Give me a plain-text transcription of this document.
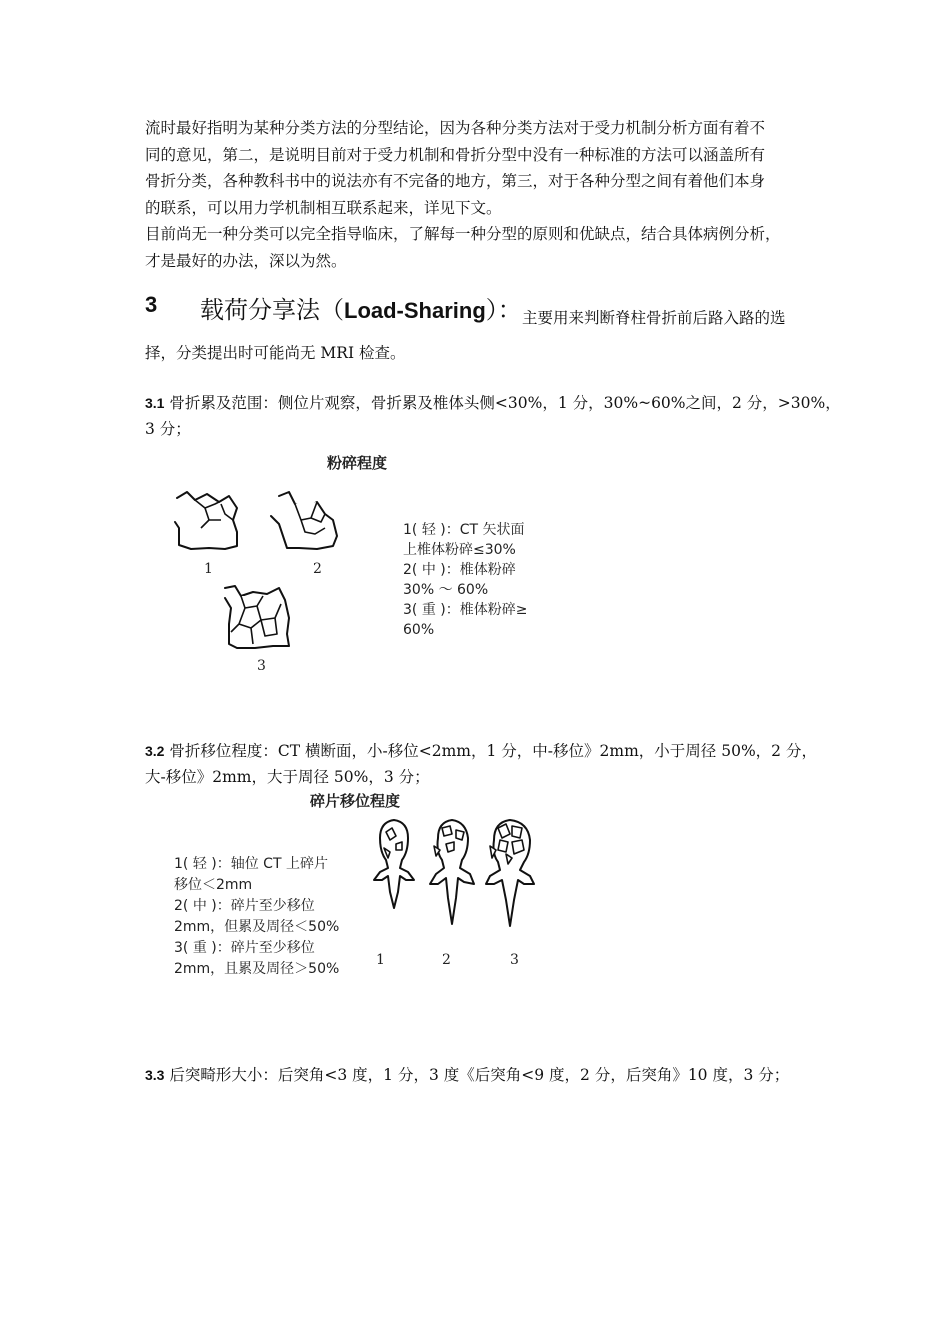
流时最好指明为某种分类方法的分型结论，因为各种分类方法对于受力机制分析方面有着不
同的意见，第二，是说明目前对于受力机制和骨折分型中没有一种标准的方法可以涵盖所有
骨折分类，各种教科书中的说法亦有不完备的地方，第三，对于各种分型之间有着他们本身
的联系，可以用力学机制相互联系起来，详见下文。
目前尚无一种分类可以完全指导临床，了解每一种分型的原则和优缺点，结合具体病例分析，
才是最好的办法，深以为然。
3 载荷分享法（Load-Sharing）： 主要用来判断脊柱骨折前后路入路的选

择，分类提出时可能尚无 MRI 检查。

3.1 骨折累及范围：侧位片观察，骨折累及椎体头侧<30%，1 分，30%~60%之间，2 分，>30%，
3 分；

粉碎程度
1	2
3
1( 轻 )：CT 矢状面
上椎体粉碎≤30%
2( 中 )：椎体粉碎
30% ～ 60%
3( 重 )：椎体粉碎≥
60%

3.2 骨折移位程度：CT 横断面，小-移位<2mm，1 分，中-移位》2mm，小于周径 50%，2 分，
大-移位》2mm，大于周径 50%，3 分；

碎片移位程度
1( 轻 )：轴位 CT 上碎片
移位＜2mm
2( 中 )：碎片至少移位
2mm，但累及周径＜50%
3( 重 )：碎片至少移位
2mm，且累及周径＞50%
1	2	3

3.3 后突畸形大小：后突角<3 度，1 分，3 度《后突角<9 度，2 分，后突角》10 度，3 分；
